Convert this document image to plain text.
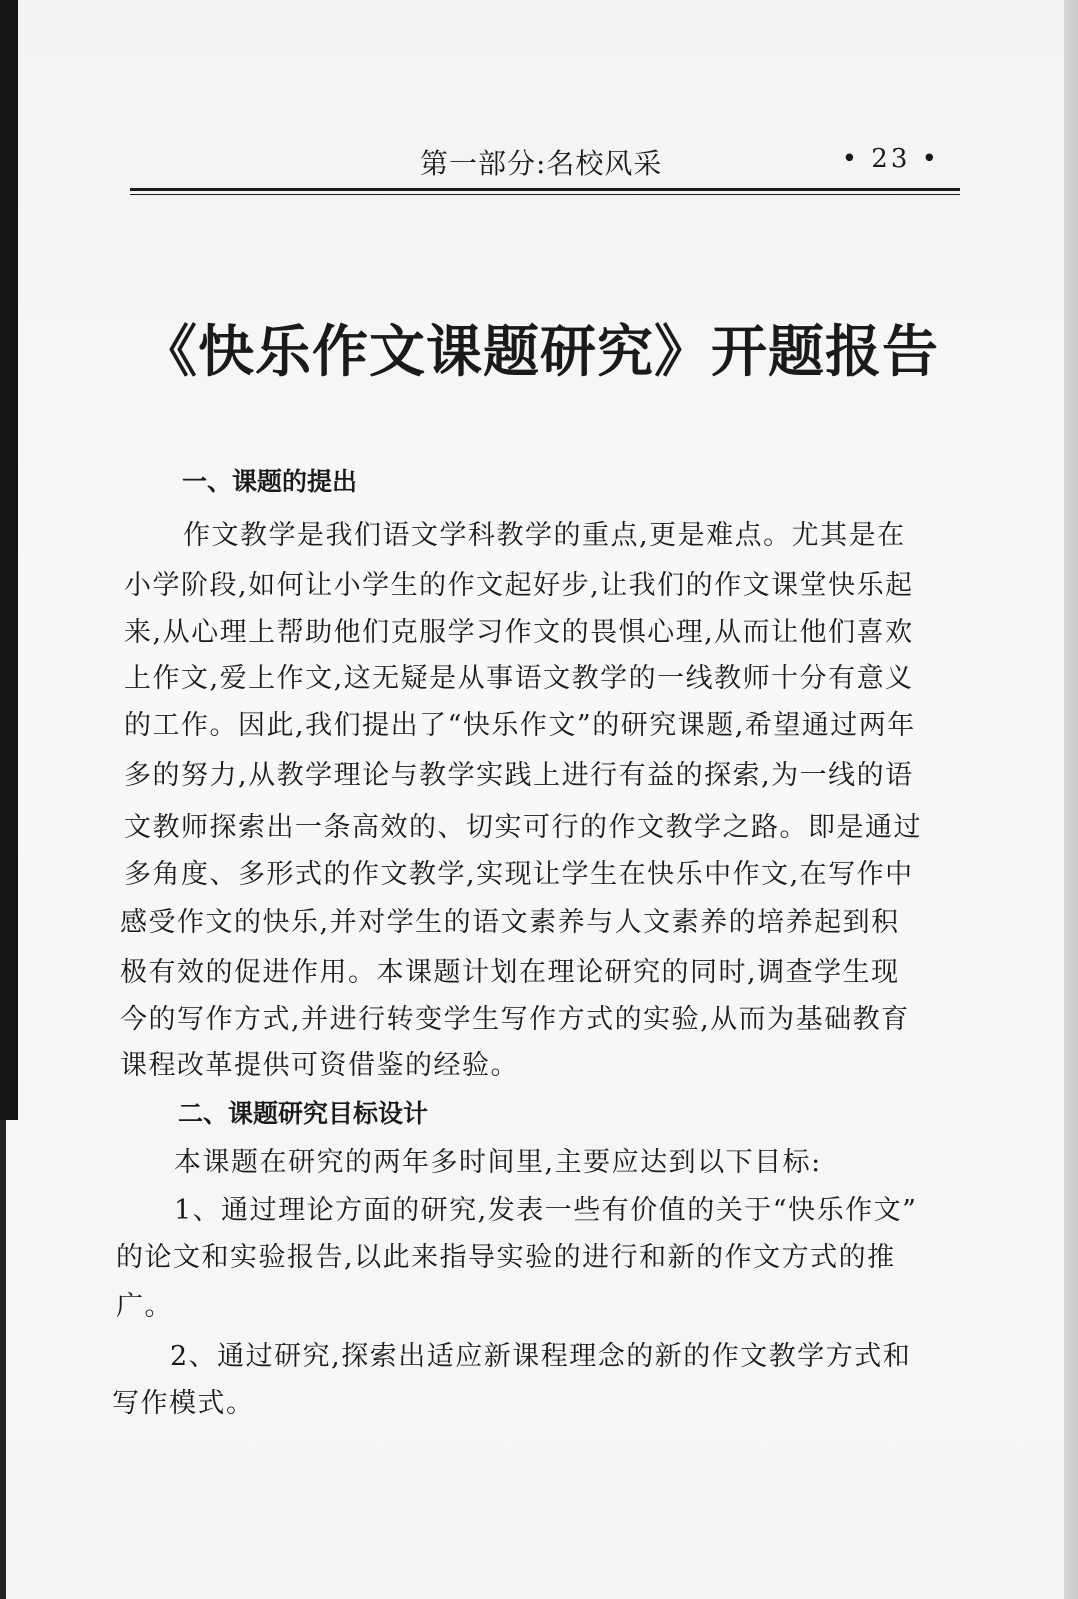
第一部分:名校风采	• 23 •
《快乐作文课题研究》开题报告
一、课题的提出
作文教学是我们语文学科教学的重点,更是难点。尤其是在
小学阶段,如何让小学生的作文起好步,让我们的作文课堂快乐起
来,从心理上帮助他们克服学习作文的畏惧心理,从而让他们喜欢
上作文,爱上作文,这无疑是从事语文教学的一线教师十分有意义
的工作。因此,我们提出了“快乐作文”的研究课题,希望通过两年
多的努力,从教学理论与教学实践上进行有益的探索,为一线的语
文教师探索出一条高效的、切实可行的作文教学之路。即是通过
多角度、多形式的作文教学,实现让学生在快乐中作文,在写作中
感受作文的快乐,并对学生的语文素养与人文素养的培养起到积
极有效的促进作用。本课题计划在理论研究的同时,调查学生现
今的写作方式,并进行转变学生写作方式的实验,从而为基础教育
课程改革提供可资借鉴的经验。
二、课题研究目标设计
本课题在研究的两年多时间里,主要应达到以下目标:
1、通过理论方面的研究,发表一些有价值的关于“快乐作文”
的论文和实验报告,以此来指导实验的进行和新的作文方式的推
广。
2、通过研究,探索出适应新课程理念的新的作文教学方式和
写作模式。
